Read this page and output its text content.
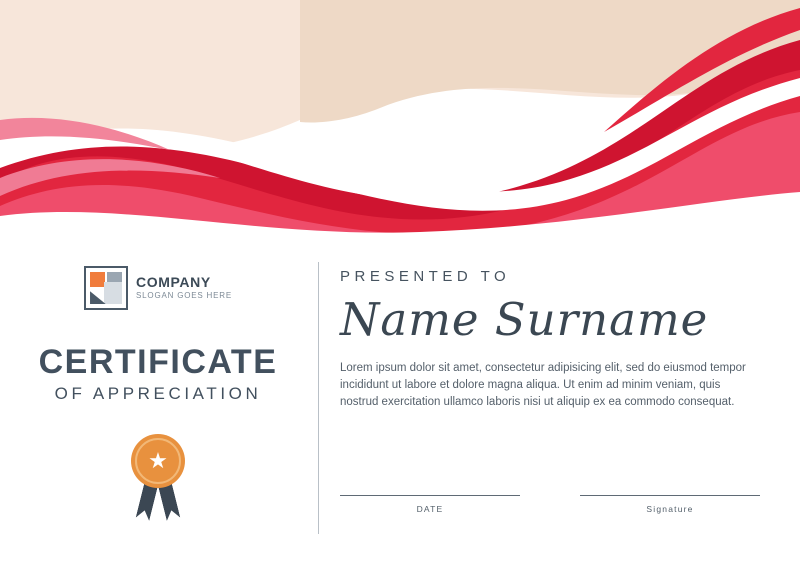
COMPANY
SLOGAN GOES HERE
CERTIFICATE
OF APPRECIATION
★
PRESENTED TO
Name Surname
Lorem ipsum dolor sit amet, consectetur adipisicing elit, sed do eiusmod tempor incididunt ut labore et dolore magna aliqua. Ut enim ad minim veniam, quis nostrud exercitation ullamco laboris nisi ut aliquip ex ea commodo consequat.
DATE	Signature
